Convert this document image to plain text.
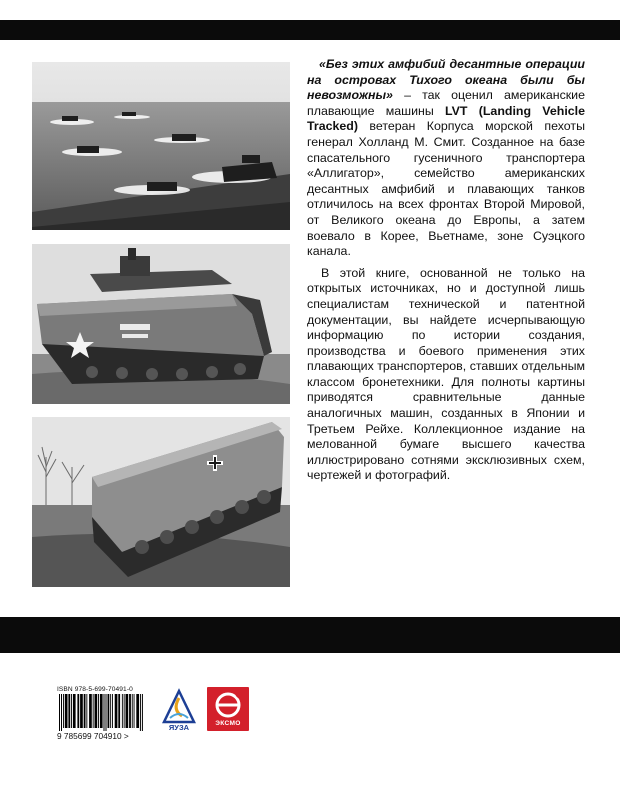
«Без этих амфибий десантные операции на островах Тихого океана были бы невозможны» – так оценил американские плавающие машины LVT (Landing Vehicle Tracked) ветеран Корпуса морской пехоты генерал Холланд М. Смит. Созданное на базе спасательного гусеничного транспортера «Аллигатор», семейство американских десантных амфибий и плавающих танков отличилось на всех фронтах Второй Мировой, от Великого океана до Европы, а затем воевало в Корее, Вьетнаме, зоне Суэцкого канала.

В этой книге, основанной не только на открытых источниках, но и доступной лишь специалистам технической и патентной документации, вы найдете исчерпывающую информацию по истории создания, производства и боевого применения этих плавающих транспортеров, ставших отдельным классом бронетехники. Для полноты картины приводятся сравнительные данные аналогичных машин, созданных в Японии и Третьем Рейхе. Коллекционное издание на мелованной бумаге высшего качества иллюстрировано сотнями эксклюзивных схем, чертежей и фотографий.

ISBN 978-5-699-70491-0
9 785699 704910 >
ЯУЗА	ЭКСМО
